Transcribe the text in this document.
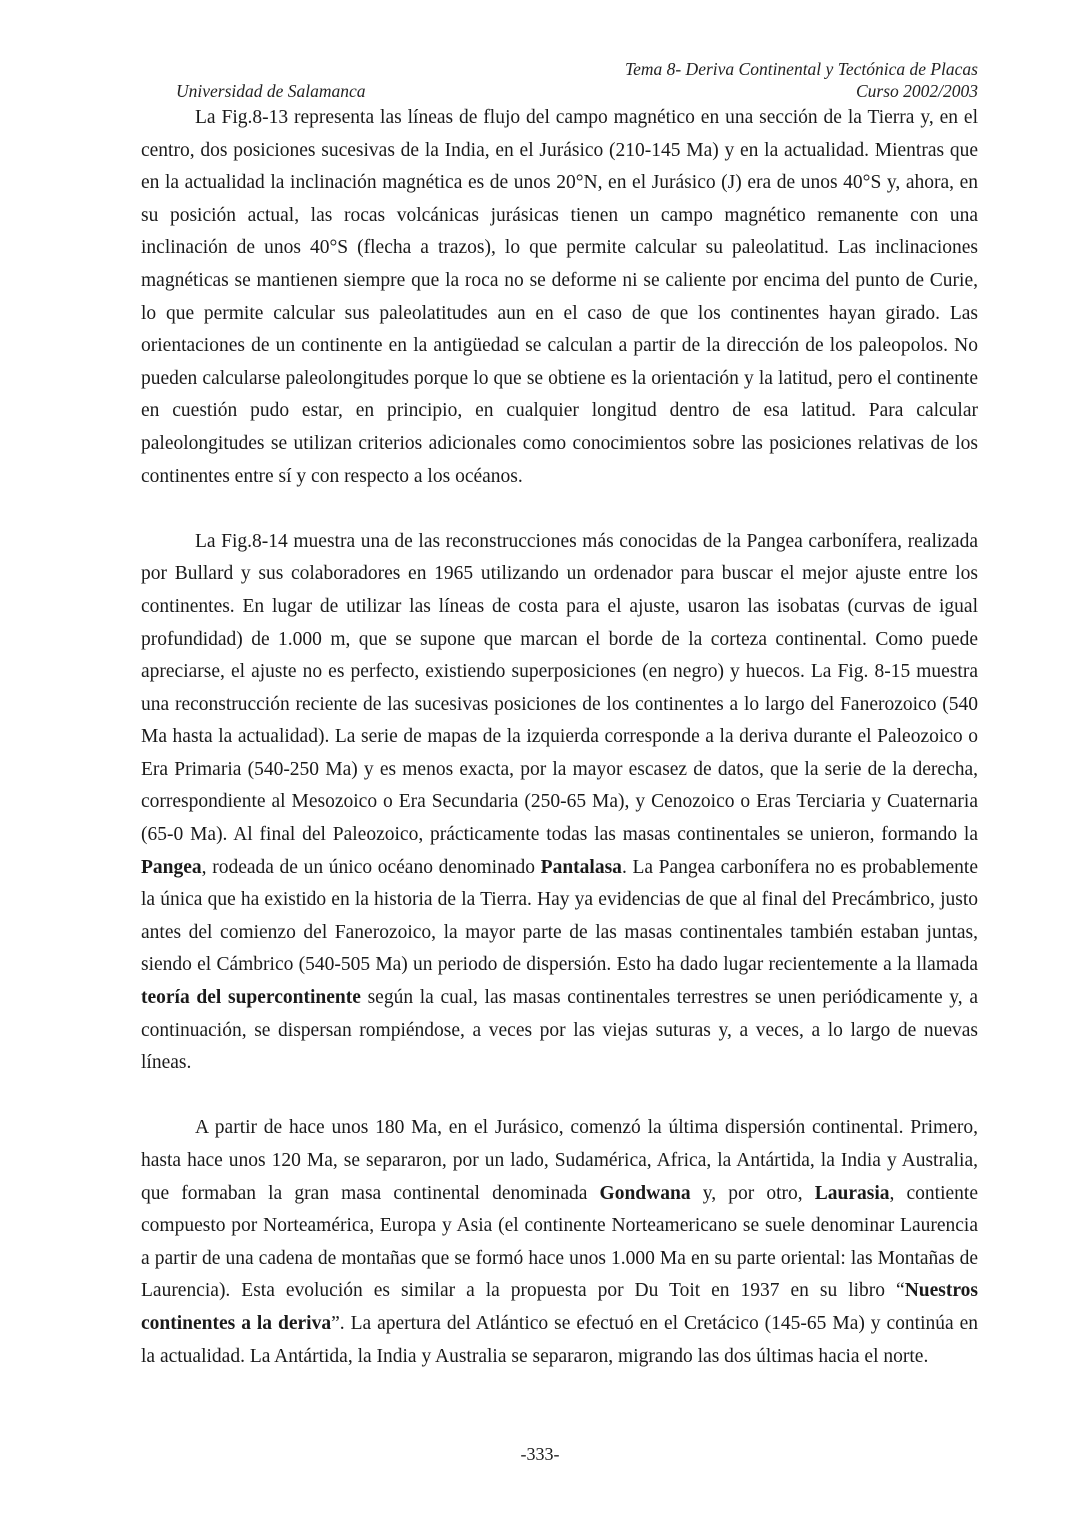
Tema 8- Deriva Continental y Tectónica de Placas
Curso 2002/2003
Universidad de Salamanca

La Fig.8-13 representa las líneas de flujo del campo magnético en una sección de la Tierra y, en el centro, dos posiciones sucesivas de la India, en el Jurásico (210-145 Ma) y en la actualidad. Mientras que en la actualidad la inclinación magnética es de unos 20°N, en el Jurásico (J) era de unos 40°S y, ahora, en su posición actual, las rocas volcánicas jurásicas tienen un campo magnético remanente con una inclinación de unos 40°S (flecha a trazos), lo que permite calcular su paleolatitud. Las inclinaciones magnéticas se mantienen siempre que la roca no se deforme ni se caliente por encima del punto de Curie, lo que permite calcular sus paleolatitudes aun en el caso de que los continentes hayan girado. Las orientaciones de un continente en la antigüedad se calculan a partir de la dirección de los paleopolos. No pueden calcularse paleolongitudes porque lo que se obtiene es la orientación y la latitud, pero el continente en cuestión pudo estar, en principio, en cualquier longitud dentro de esa latitud. Para calcular paleolongitudes se utilizan criterios adicionales como conocimientos sobre las posiciones relativas de los continentes entre sí y con respecto a los océanos.

La Fig.8-14 muestra una de las reconstrucciones más conocidas de la Pangea carbonífera, realizada por Bullard y sus colaboradores en 1965 utilizando un ordenador para buscar el mejor ajuste entre los continentes. En lugar de utilizar las líneas de costa para el ajuste, usaron las isobatas (curvas de igual profundidad) de 1.000 m, que se supone que marcan el borde de la corteza continental. Como puede apreciarse, el ajuste no es perfecto, existiendo superposiciones (en negro) y huecos. La Fig. 8-15 muestra una reconstrucción reciente de las sucesivas posiciones de los continentes a lo largo del Fanerozoico (540 Ma hasta la actualidad). La serie de mapas de la izquierda corresponde a la deriva durante el Paleozoico o Era Primaria (540-250 Ma) y es menos exacta, por la mayor escasez de datos, que la serie de la derecha, correspondiente al Mesozoico o Era Secundaria (250-65 Ma), y Cenozoico o Eras Terciaria y Cuaternaria (65-0 Ma). Al final del Paleozoico, prácticamente todas las masas continentales se unieron, formando la Pangea, rodeada de un único océano denominado Pantalasa. La Pangea carbonífera no es probablemente la única que ha existido en la historia de la Tierra. Hay ya evidencias de que al final del Precámbrico, justo antes del comienzo del Fanerozoico, la mayor parte de las masas continentales también estaban juntas, siendo el Cámbrico (540-505 Ma) un periodo de dispersión. Esto ha dado lugar recientemente a la llamada teoría del supercontinente según la cual, las masas continentales terrestres se unen periódicamente y, a continuación, se dispersan rompiéndose, a veces por las viejas suturas y, a veces, a lo largo de nuevas líneas.

A partir de hace unos 180 Ma, en el Jurásico, comenzó la última dispersión continental. Primero, hasta hace unos 120 Ma, se separaron, por un lado, Sudamérica, Africa, la Antártida, la India y Australia, que formaban la gran masa continental denominada Gondwana y, por otro, Laurasia, contiente compuesto por Norteamérica, Europa y Asia (el continente Norteamericano se suele denominar Laurencia a partir de una cadena de montañas que se formó hace unos 1.000 Ma en su parte oriental: las Montañas de Laurencia). Esta evolución es similar a la propuesta por Du Toit en 1937 en su libro “Nuestros continentes a la deriva”. La apertura del Atlántico se efectuó en el Cretácico (145-65 Ma) y continúa en la actualidad. La Antártida, la India y Australia se separaron, migrando las dos últimas hacia el norte.

-333-
